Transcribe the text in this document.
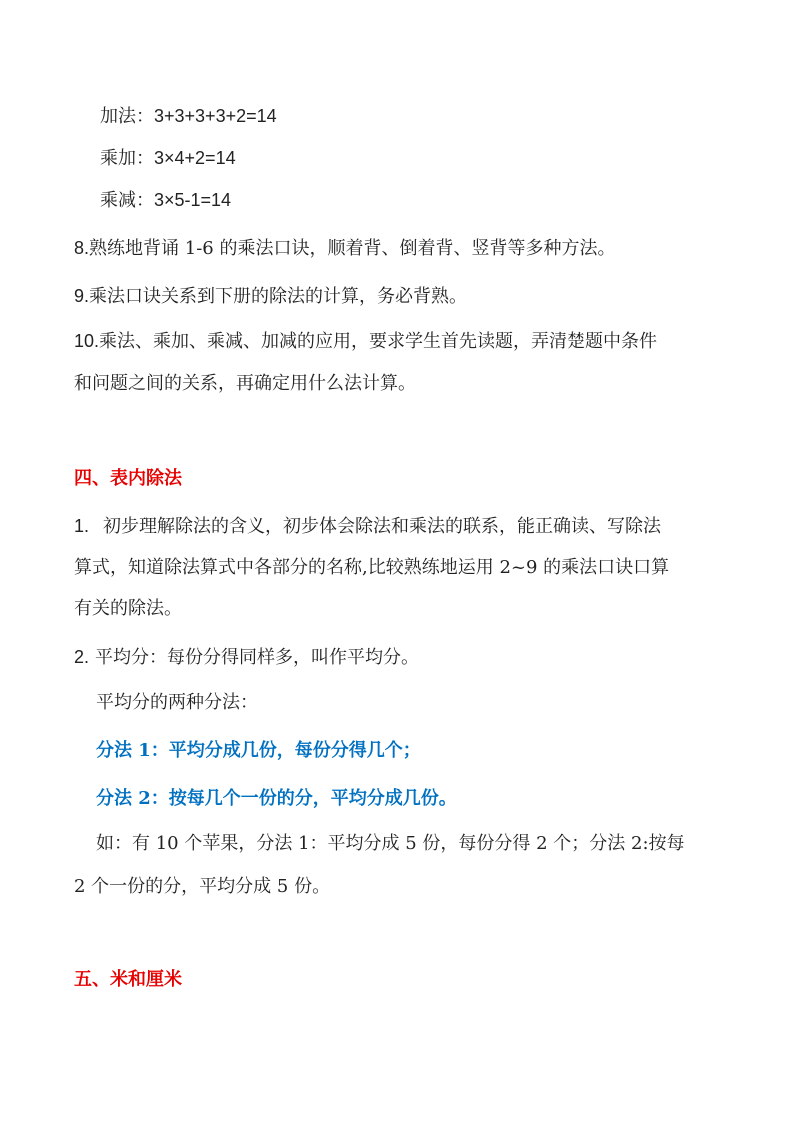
加法：3+3+3+3+2=14
乘加：3×4+2=14
乘减：3×5-1=14
8.熟练地背诵 1-6 的乘法口诀，顺着背、倒着背、竖背等多种方法。
9.乘法口诀关系到下册的除法的计算，务必背熟。
10.乘法、乘加、乘减、加减的应用，要求学生首先读题，弄清楚题中条件
和问题之间的关系，再确定用什么法计算。
四、表内除法
1. 初步理解除法的含义，初步体会除法和乘法的联系，能正确读、写除法
算式，知道除法算式中各部分的名称,比较熟练地运用 2~9 的乘法口诀口算
有关的除法。
2. 平均分：每份分得同样多，叫作平均分。
平均分的两种分法：
分法 1：平均分成几份，每份分得几个；
分法 2：按每几个一份的分，平均分成几份。
如：有 10 个苹果，分法 1：平均分成 5 份，每份分得 2 个；分法 2:按每
2 个一份的分，平均分成 5 份。
五、米和厘米
